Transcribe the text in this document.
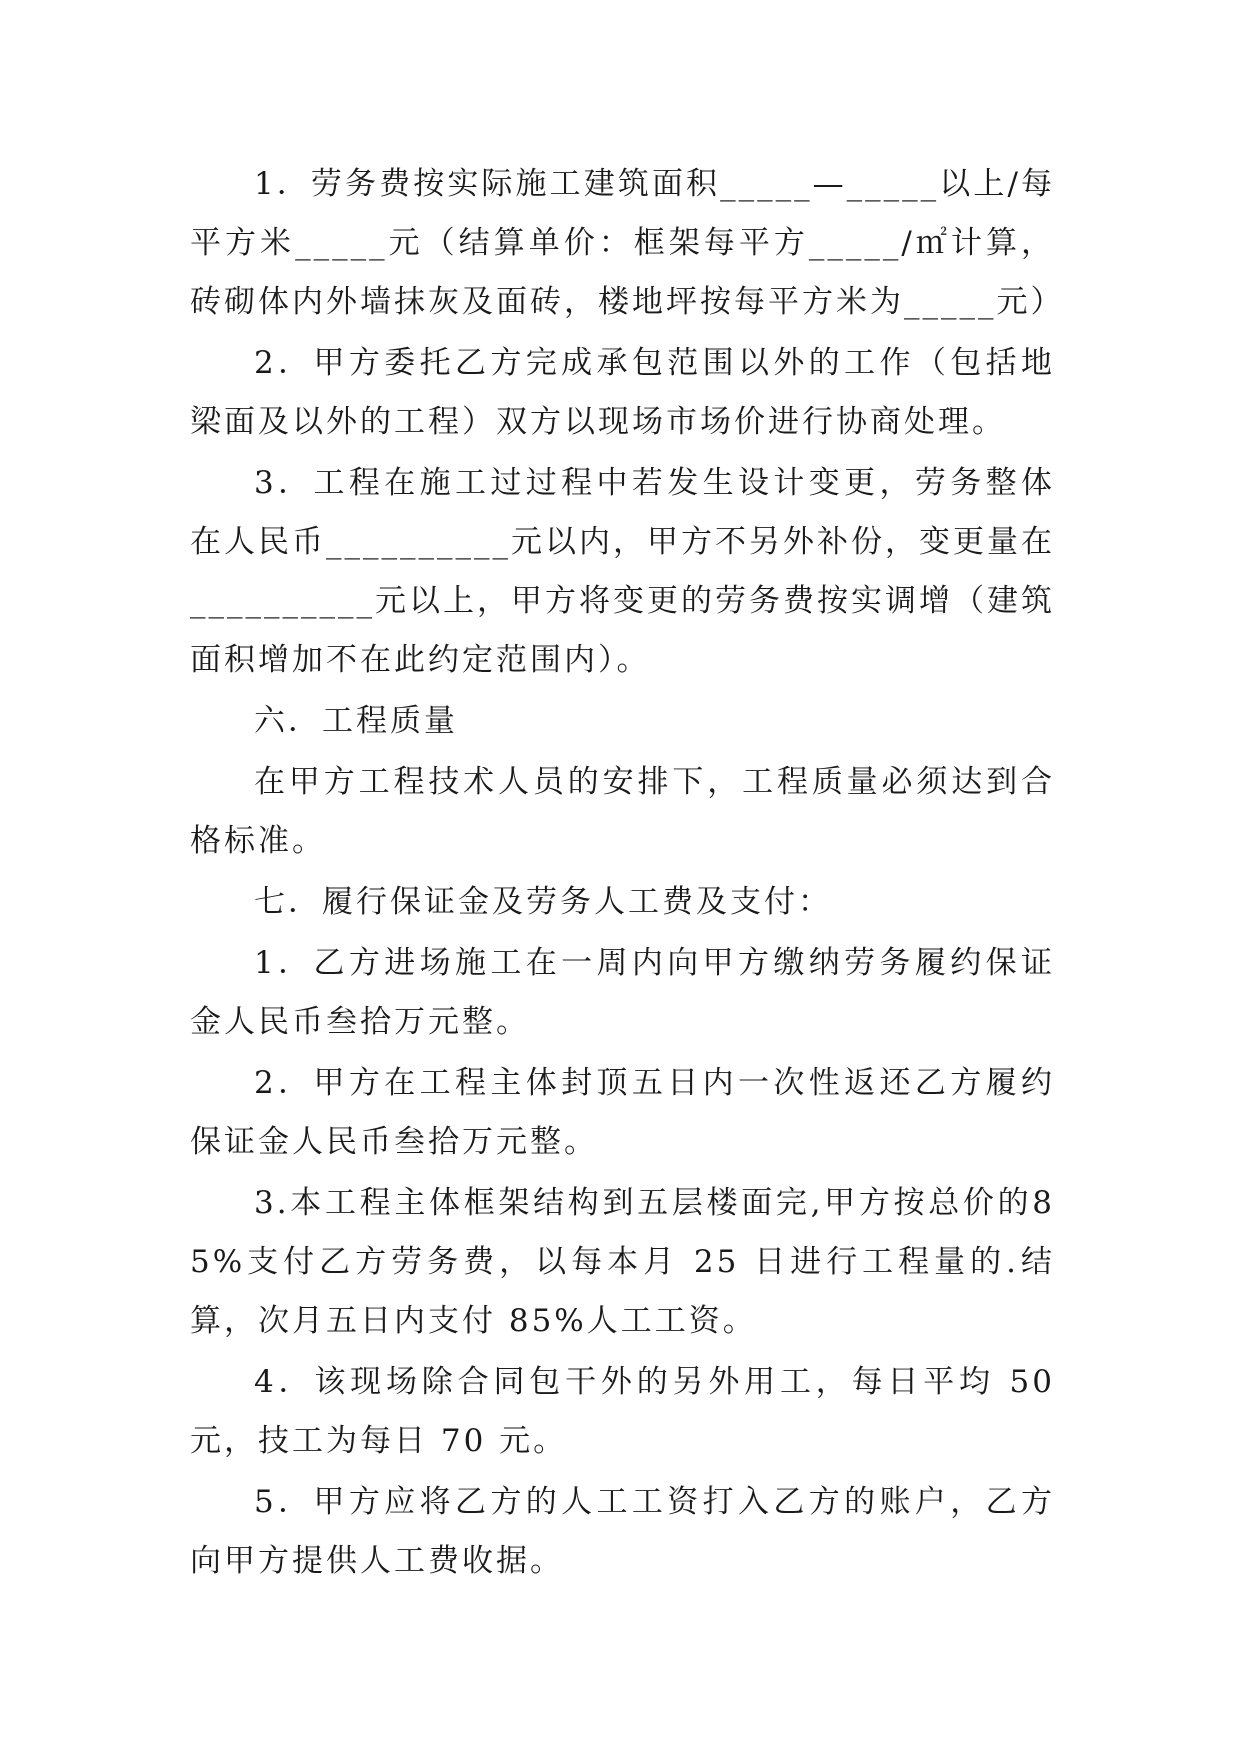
1．劳务费按实际施工建筑面积_____—_____以上/每平方米_____元（结算单价：框架每平方_____/㎡计算，砖砌体内外墙抹灰及面砖，楼地坪按每平方米为_____元）

2．甲方委托乙方完成承包范围以外的工作（包括地梁面及以外的工程）双方以现场市场价进行协商处理。

3．工程在施工过过程中若发生设计变更，劳务整体在人民币__________元以内，甲方不另外补份，变更量在__________元以上，甲方将变更的劳务费按实调增（建筑面积增加不在此约定范围内）。

六．工程质量

在甲方工程技术人员的安排下，工程质量必须达到合格标准。

七．履行保证金及劳务人工费及支付：

1．乙方进场施工在一周内向甲方缴纳劳务履约保证金人民币叁拾万元整。

2．甲方在工程主体封顶五日内一次性返还乙方履约保证金人民币叁拾万元整。

3.本工程主体框架结构到五层楼面完,甲方按总价的85%支付乙方劳务费，以每本月 25 日进行工程量的.结算，次月五日内支付 85%人工工资。

4．该现场除合同包干外的另外用工，每日平均 50 元，技工为每日 70 元。

5．甲方应将乙方的人工工资打入乙方的账户，乙方向甲方提供人工费收据。
